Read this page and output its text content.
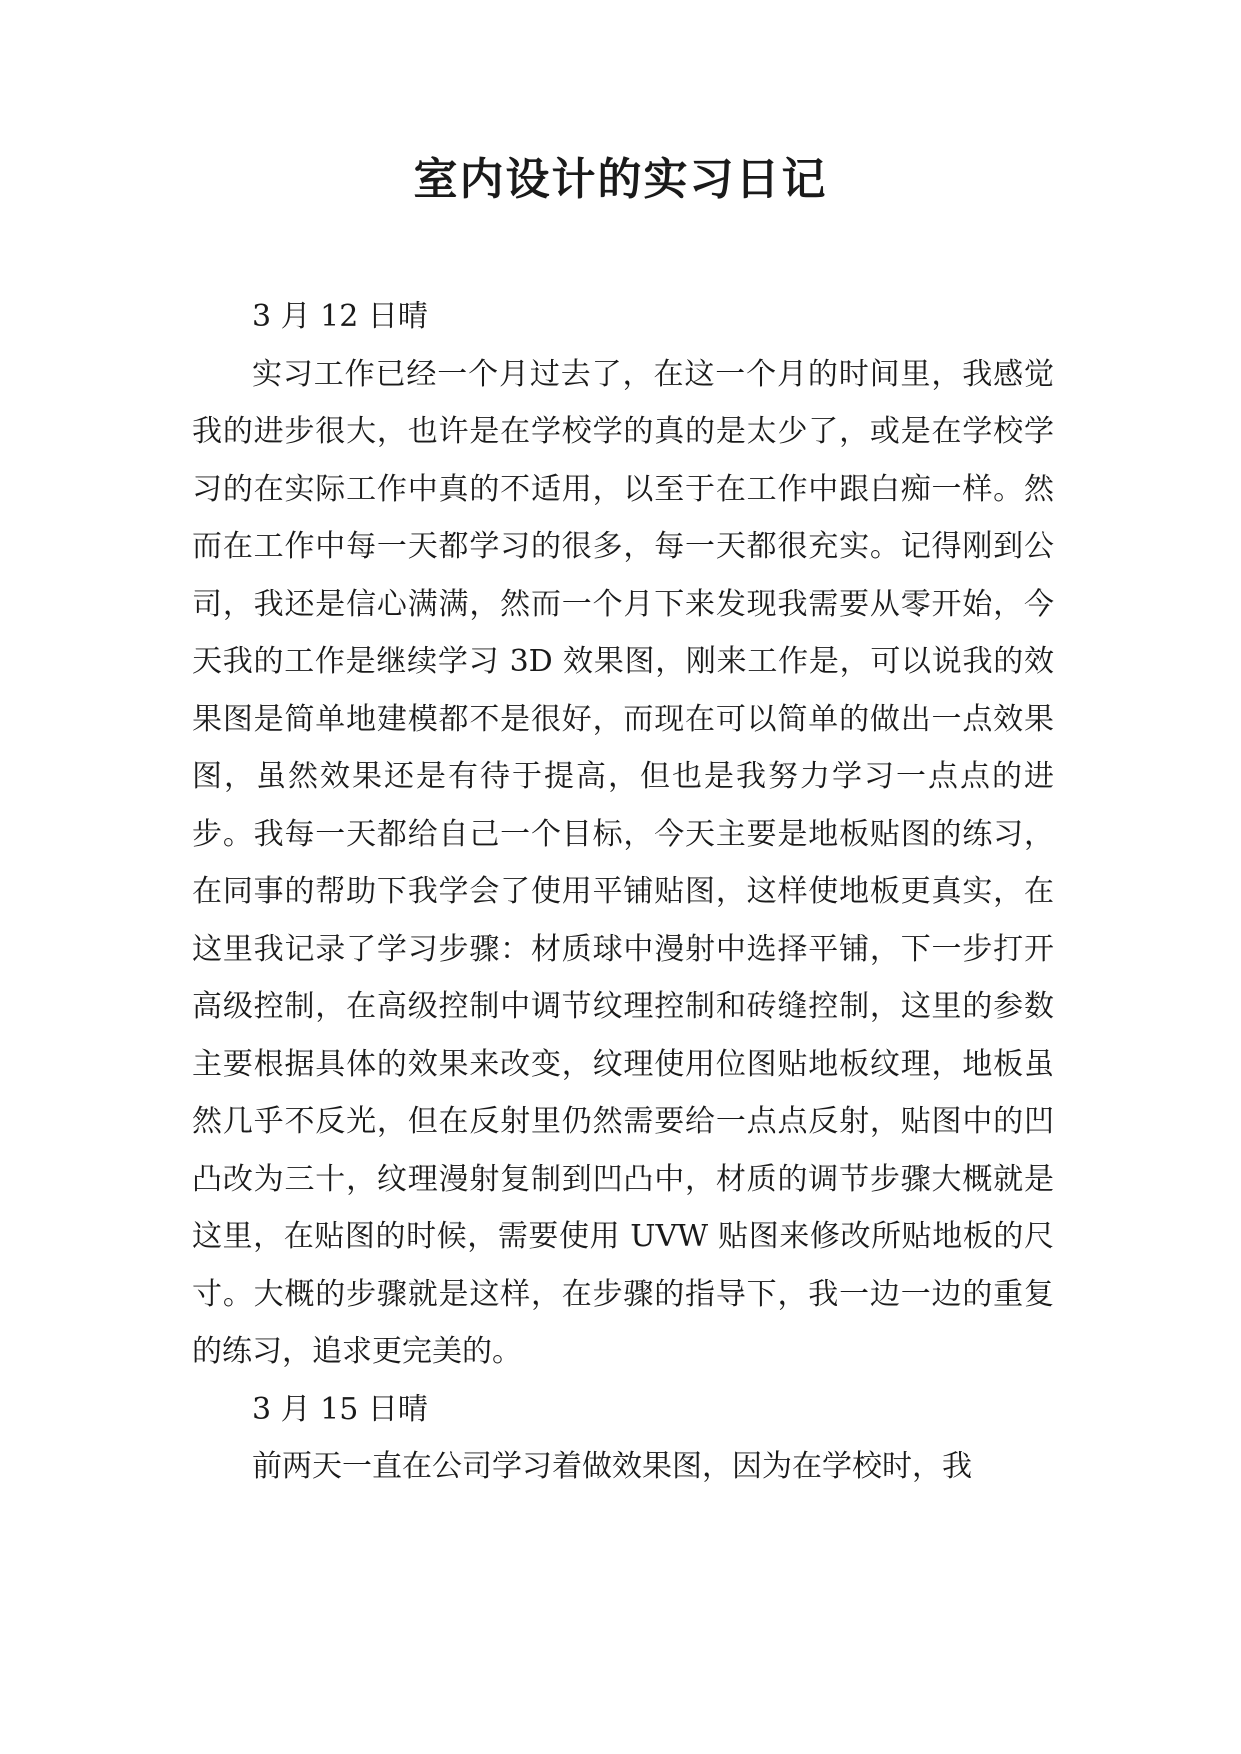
室内设计的实习日记

3 月 12 日晴

实习工作已经一个月过去了，在这一个月的时间里，我感觉我的进步很大，也许是在学校学的真的是太少了，或是在学校学习的在实际工作中真的不适用，以至于在工作中跟白痴一样。然而在工作中每一天都学习的很多，每一天都很充实。记得刚到公司，我还是信心满满，然而一个月下来发现我需要从零开始，今天我的工作是继续学习 3D 效果图，刚来工作是，可以说我的效果图是简单地建模都不是很好，而现在可以简单的做出一点效果图，虽然效果还是有待于提高，但也是我努力学习一点点的进步。我每一天都给自己一个目标，今天主要是地板贴图的练习，在同事的帮助下我学会了使用平铺贴图，这样使地板更真实，在这里我记录了学习步骤：材质球中漫射中选择平铺，下一步打开高级控制，在高级控制中调节纹理控制和砖缝控制，这里的参数主要根据具体的效果来改变，纹理使用位图贴地板纹理，地板虽然几乎不反光，但在反射里仍然需要给一点点反射，贴图中的凹凸改为三十，纹理漫射复制到凹凸中，材质的调节步骤大概就是这里，在贴图的时候，需要使用 UVW 贴图来修改所贴地板的尺寸。大概的步骤就是这样，在步骤的指导下，我一边一边的重复的练习，追求更完美的。

3 月 15 日晴

前两天一直在公司学习着做效果图，因为在学校时，我
